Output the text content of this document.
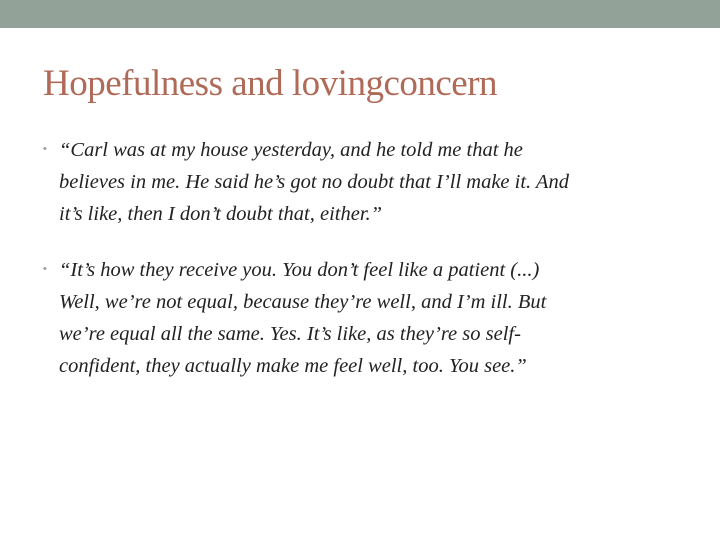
Hopefulness and lovingconcern
• “Carl was at my house yesterday, and he told me that he
believes in me. He said he’s got no doubt that I’ll make it. And
it’s like, then I don’t doubt that, either.”
• “It’s how they receive you. You don’t feel like a patient (...)
Well, we’re not equal, because they’re well, and I’m ill. But
we’re equal all the same. Yes. It’s like, as they’re so self-
confident, they actually make me feel well, too. You see.”
